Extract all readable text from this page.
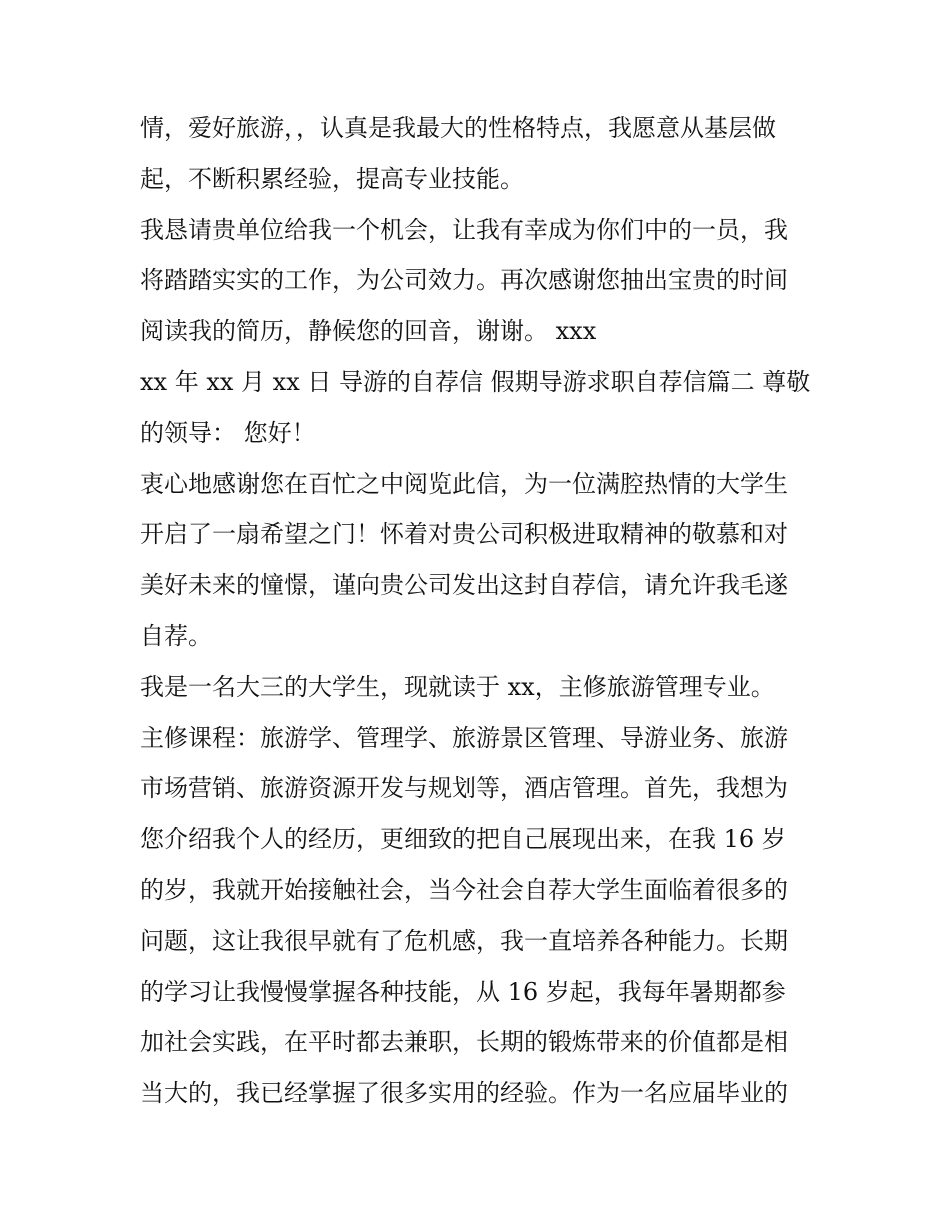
情，爱好旅游，，认真是我最大的性格特点，我愿意从基层做
起，不断积累经验，提高专业技能。
我恳请贵单位给我一个机会，让我有幸成为你们中的一员，我
将踏踏实实的工作，为公司效力。再次感谢您抽出宝贵的时间
阅读我的简历，静候您的回音，谢谢。 xxx
xx 年 xx 月 xx 日 导游的自荐信 假期导游求职自荐信篇二 尊敬
的领导： 您好！
衷心地感谢您在百忙之中阅览此信，为一位满腔热情的大学生
开启了一扇希望之门！怀着对贵公司积极进取精神的敬慕和对
美好未来的憧憬，谨向贵公司发出这封自荐信，请允许我毛遂
自荐。
我是一名大三的大学生，现就读于 xx，主修旅游管理专业。
主修课程：旅游学、管理学、旅游景区管理、导游业务、旅游
市场营销、旅游资源开发与规划等，酒店管理。首先，我想为
您介绍我个人的经历，更细致的把自己展现出来，在我 16 岁
的岁，我就开始接触社会，当今社会自荐大学生面临着很多的
问题，这让我很早就有了危机感，我一直培养各种能力。长期
的学习让我慢慢掌握各种技能，从 16 岁起，我每年暑期都参
加社会实践，在平时都去兼职，长期的锻炼带来的价值都是相
当大的，我已经掌握了很多实用的经验。作为一名应届毕业的
